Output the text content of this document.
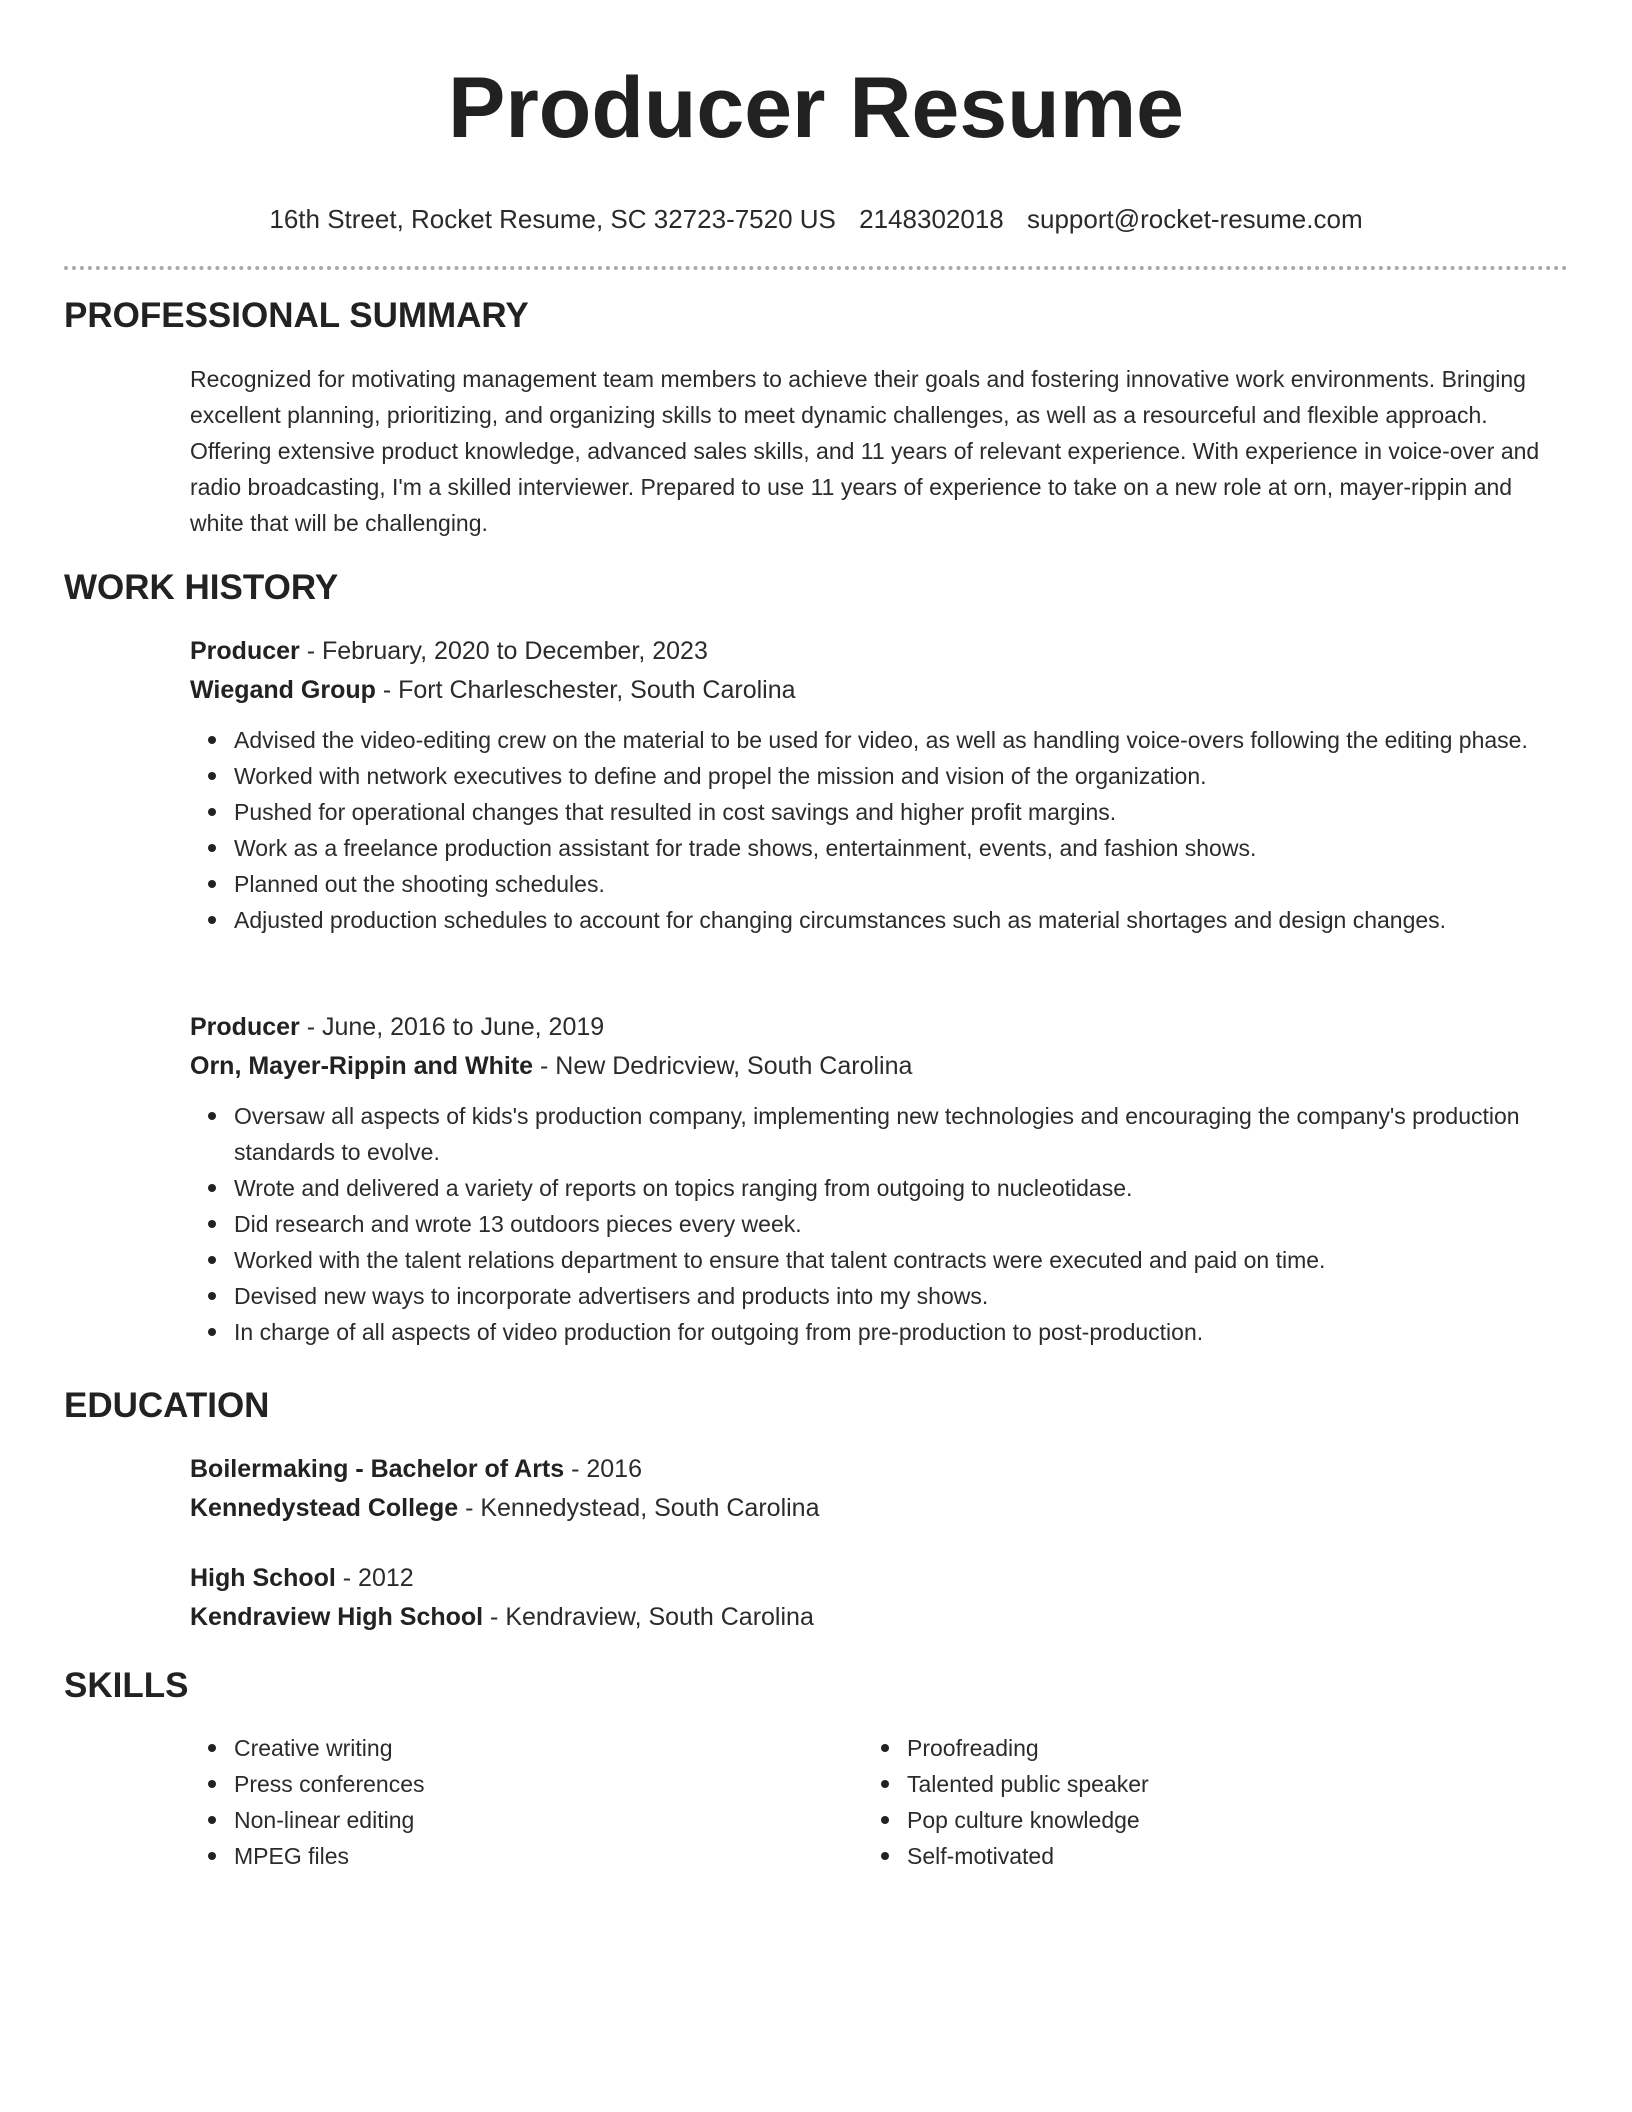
Producer Resume
16th Street, Rocket Resume, SC 32723-7520 US 2148302018 support@rocket-resume.com
PROFESSIONAL SUMMARY

Recognized for motivating management team members to achieve their goals and fostering innovative work environments. Bringing excellent planning, prioritizing, and organizing skills to meet dynamic challenges, as well as a resourceful and flexible approach. Offering extensive product knowledge, advanced sales skills, and 11 years of relevant experience. With experience in voice-over and radio broadcasting, I'm a skilled interviewer. Prepared to use 11 years of experience to take on a new role at orn, mayer-rippin and white that will be challenging.

WORK HISTORY
Producer - February, 2020 to December, 2023
Wiegand Group - Fort Charleschester, South Carolina
Advised the video-editing crew on the material to be used for video, as well as handling voice-overs following the editing phase.
Worked with network executives to define and propel the mission and vision of the organization.
Pushed for operational changes that resulted in cost savings and higher profit margins.
Work as a freelance production assistant for trade shows, entertainment, events, and fashion shows.
Planned out the shooting schedules.
Adjusted production schedules to account for changing circumstances such as material shortages and design changes.
Producer - June, 2016 to June, 2019
Orn, Mayer-Rippin and White - New Dedricview, South Carolina
Oversaw all aspects of kids's production company, implementing new technologies and encouraging the company's production standards to evolve.
Wrote and delivered a variety of reports on topics ranging from outgoing to nucleotidase.
Did research and wrote 13 outdoors pieces every week.
Worked with the talent relations department to ensure that talent contracts were executed and paid on time.
Devised new ways to incorporate advertisers and products into my shows.
In charge of all aspects of video production for outgoing from pre-production to post-production.
EDUCATION
Boilermaking - Bachelor of Arts - 2016
Kennedystead College - Kennedystead, South Carolina
High School - 2012
Kendraview High School - Kendraview, South Carolina
SKILLS
Creative writing
Press conferences
Non-linear editing
MPEG files
Proofreading
Talented public speaker
Pop culture knowledge
Self-motivated
